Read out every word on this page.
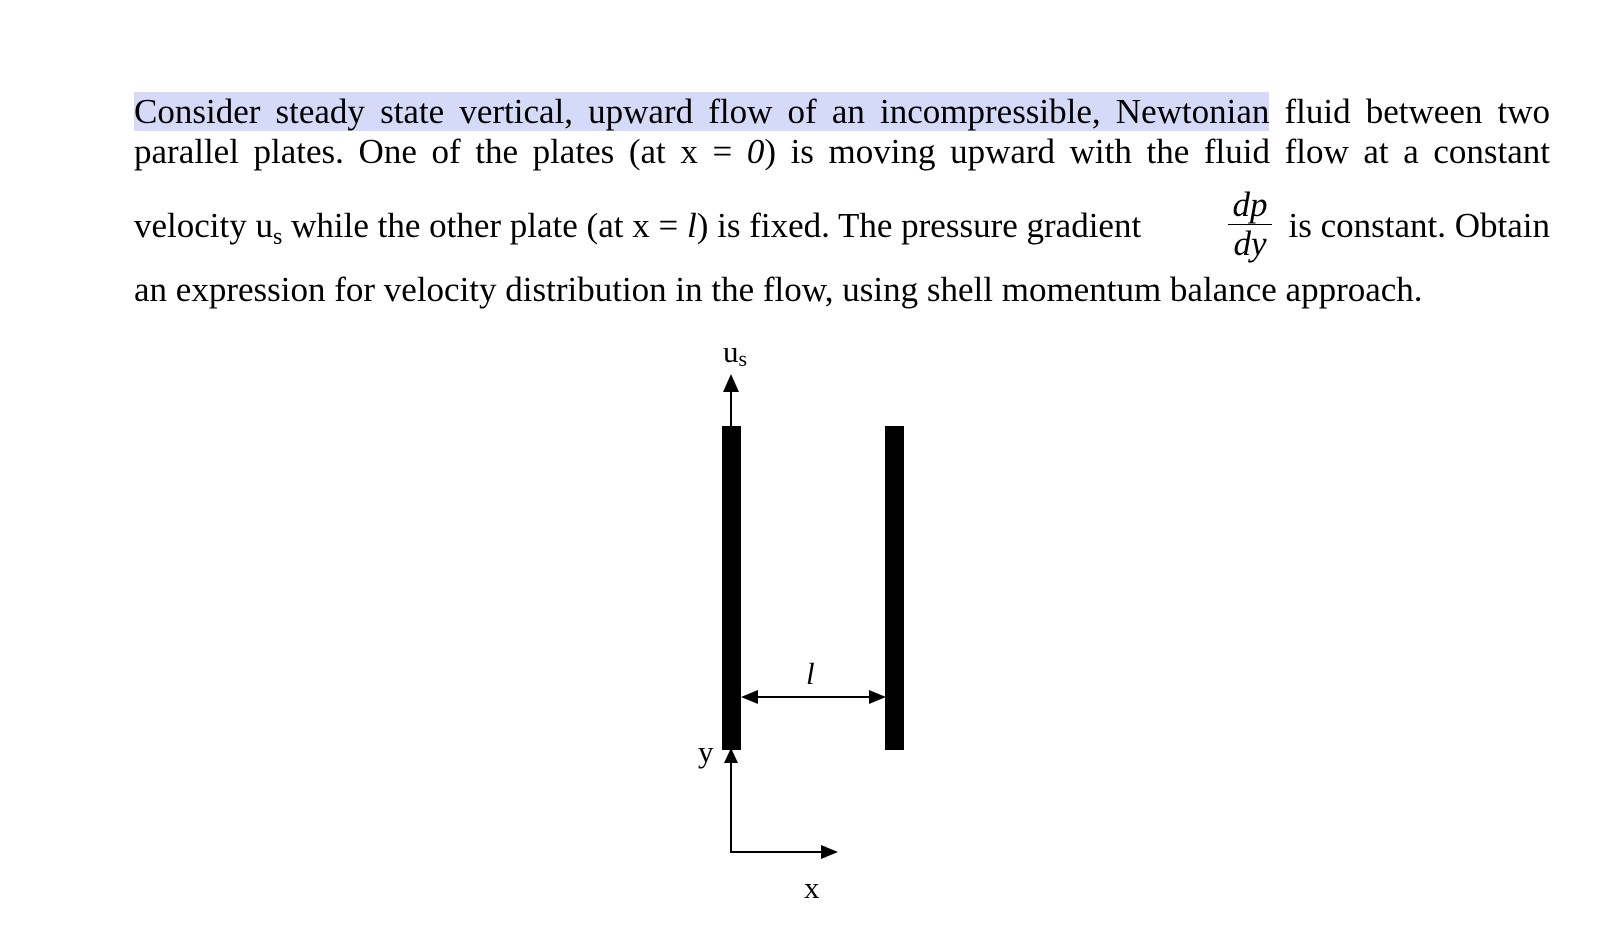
Consider steady state vertical, upward flow of an incompressible, Newtonian fluid between two
parallel plates. One of the plates (at x = 0) is moving upward with the fluid flow at a constant
velocity $u_s$ while the other plate (at x = l) is fixed. The pressure gradient $\frac{dp}{dy}$ is constant. Obtain
an expression for velocity distribution in the flow, using shell momentum balance approach.
us
l
y
x
